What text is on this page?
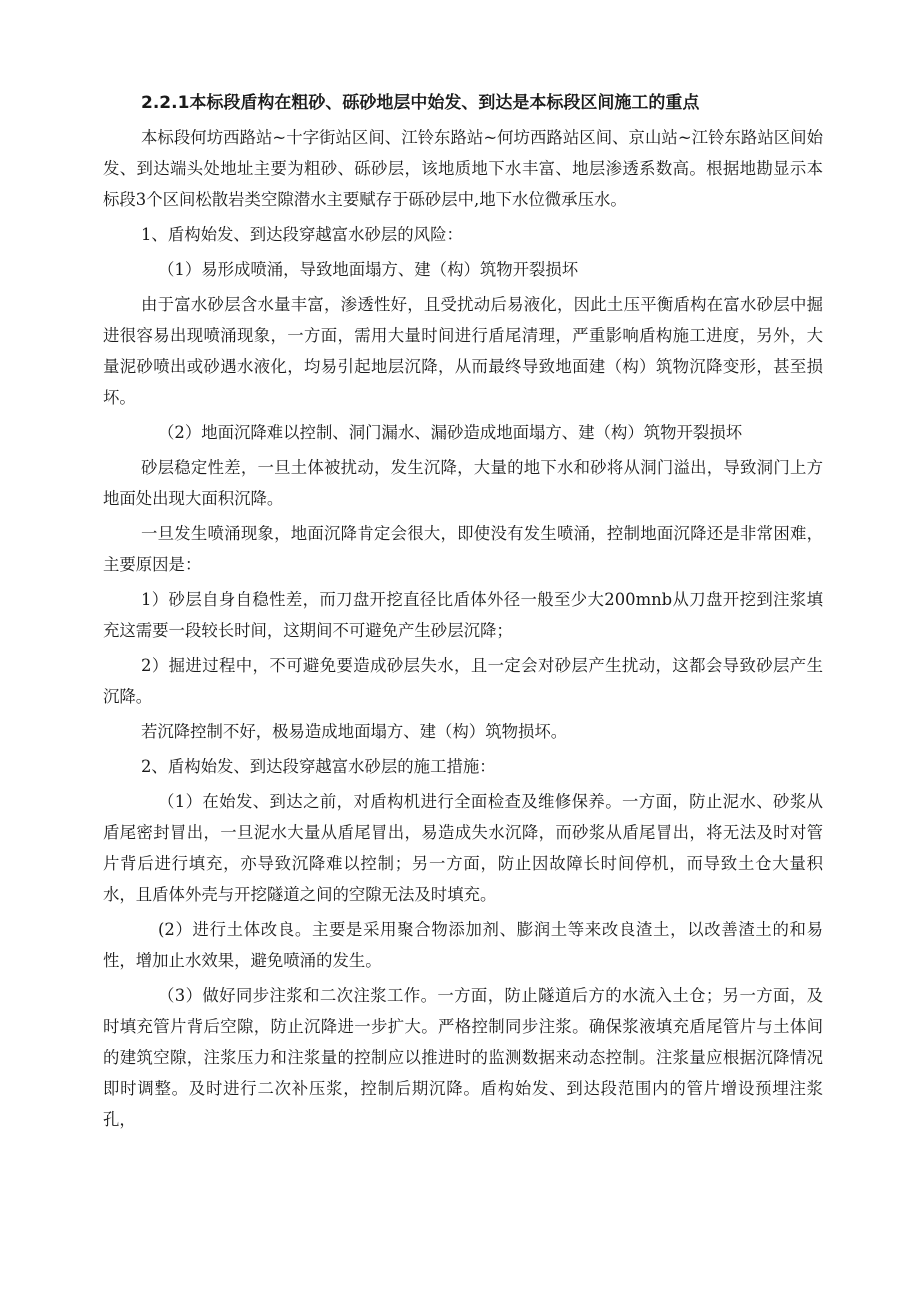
2.2.1本标段盾构在粗砂、砾砂地层中始发、到达是本标段区间施工的重点

本标段何坊西路站~十字街站区间、江铃东路站~何坊西路站区间、京山站~江铃东路站区间始发、到达端头处地址主要为粗砂、砾砂层，该地质地下水丰富、地层渗透系数高。根据地勘显示本标段3个区间松散岩类空隙潜水主要赋存于砾砂层中,地下水位微承压水。

1、盾构始发、到达段穿越富水砂层的风险：

（1）易形成喷涌，导致地面塌方、建（构）筑物开裂损坏

由于富水砂层含水量丰富，渗透性好，且受扰动后易液化，因此土压平衡盾构在富水砂层中掘进很容易出现喷涌现象，一方面，需用大量时间进行盾尾清理，严重影响盾构施工进度，另外，大量泥砂喷出或砂遇水液化，均易引起地层沉降，从而最终导致地面建（构）筑物沉降变形，甚至损坏。

（2）地面沉降难以控制、洞门漏水、漏砂造成地面塌方、建（构）筑物开裂损坏

砂层稳定性差，一旦土体被扰动，发生沉降，大量的地下水和砂将从洞门溢出，导致洞门上方地面处出现大面积沉降。

一旦发生喷涌现象，地面沉降肯定会很大，即使没有发生喷涌，控制地面沉降还是非常困难，主要原因是：

1）砂层自身自稳性差，而刀盘开挖直径比盾体外径一般至少大200mnb从刀盘开挖到注浆填充这需要一段较长时间，这期间不可避免产生砂层沉降；

2）掘进过程中，不可避免要造成砂层失水，且一定会对砂层产生扰动，这都会导致砂层产生沉降。

若沉降控制不好，极易造成地面塌方、建（构）筑物损坏。

2、盾构始发、到达段穿越富水砂层的施工措施：

（1）在始发、到达之前，对盾构机进行全面检查及维修保养。一方面，防止泥水、砂浆从盾尾密封冒出，一旦泥水大量从盾尾冒出，易造成失水沉降，而砂浆从盾尾冒出，将无法及时对管片背后进行填充，亦导致沉降难以控制；另一方面，防止因故障长时间停机，而导致土仓大量积水，且盾体外壳与开挖隧道之间的空隙无法及时填充。

(2）进行土体改良。主要是采用聚合物添加剂、膨润土等来改良渣土，以改善渣土的和易性，增加止水效果，避免喷涌的发生。

（3）做好同步注浆和二次注浆工作。一方面，防止隧道后方的水流入土仓；另一方面，及时填充管片背后空隙，防止沉降进一步扩大。严格控制同步注浆。确保浆液填充盾尾管片与土体间的建筑空隙，注浆压力和注浆量的控制应以推进时的监测数据来动态控制。注浆量应根据沉降情况即时调整。及时进行二次补压浆，控制后期沉降。盾构始发、到达段范围内的管片增设预埋注浆孔，
